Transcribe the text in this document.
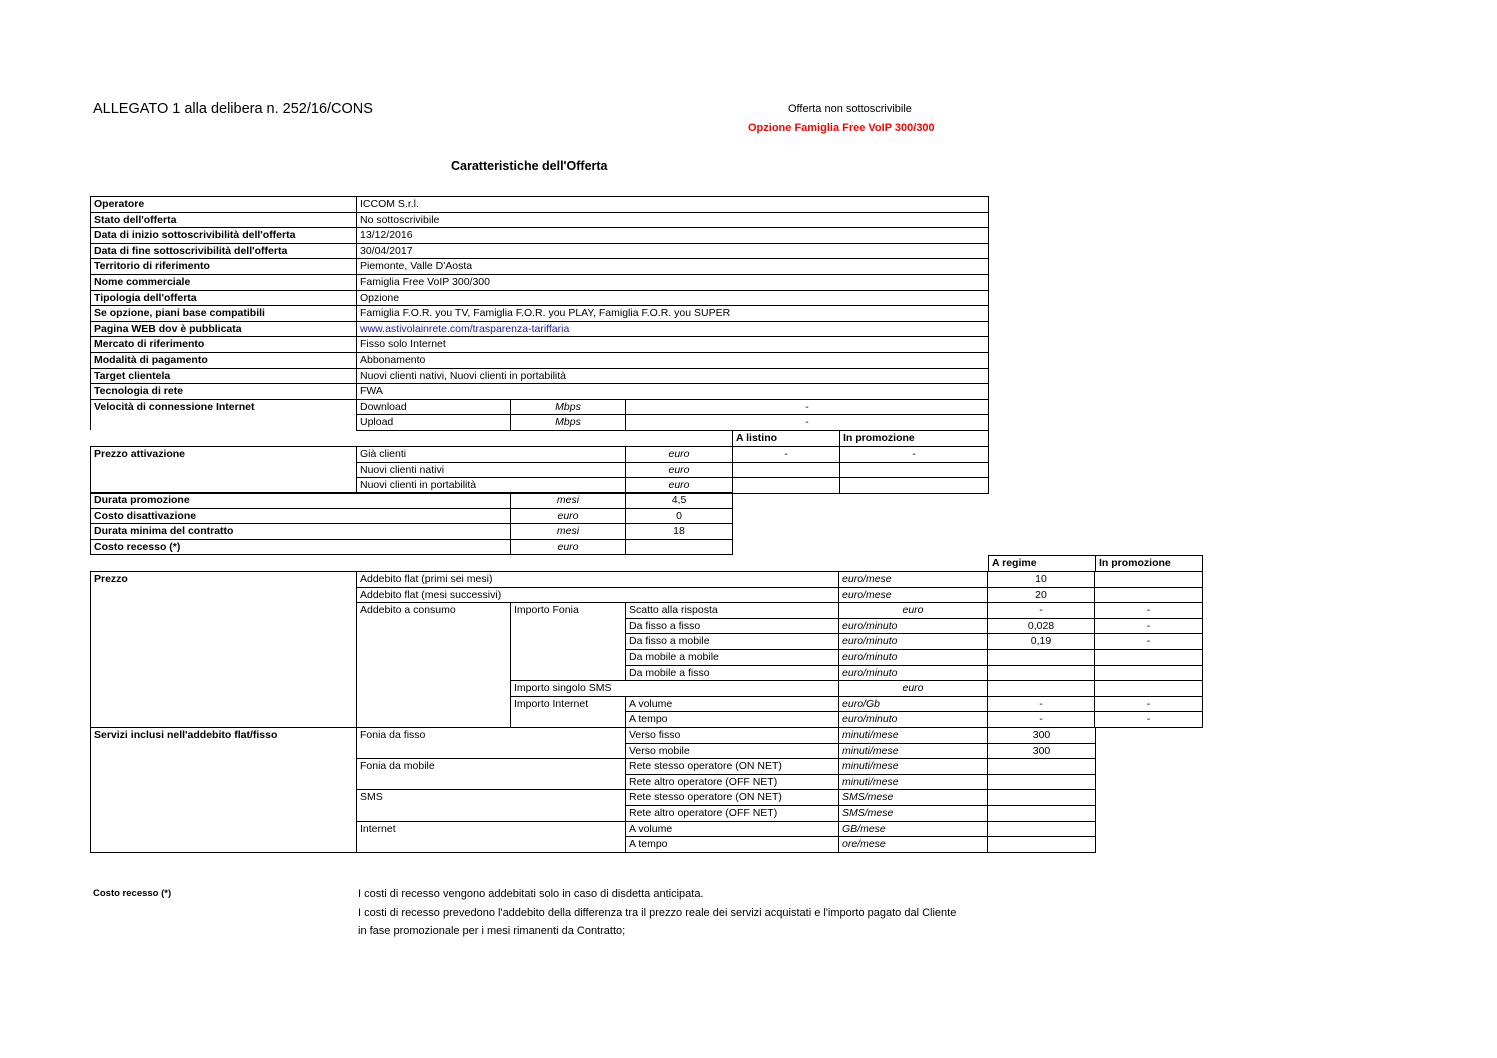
ALLEGATO 1 alla delibera n. 252/16/CONS	Offerta non sottoscrivibile
Opzione Famiglia Free VoIP 300/300
Caratteristiche dell'Offerta
Operatore	ICCOM S.r.l.		
Stato dell'offerta	No sottoscrivibile		
Data di inizio sottoscrivibilità dell'offerta	13/12/2016		
Data di fine sottoscrivibilità dell'offerta	30/04/2017		
Territorio di riferimento	Piemonte, Valle D'Aosta		
Nome commerciale	Famiglia Free VoIP 300/300		
Tipologia dell'offerta	Opzione		
Se opzione, piani base compatibili	Famiglia F.O.R. you TV, Famiglia F.O.R. you PLAY, Famiglia F.O.R. you SUPER		
Pagina WEB dov è pubblicata	www.astivolainrete.com/trasparenza-tariffaria		
Mercato di riferimento	Fisso solo Internet		
Modalità di pagamento	Abbonamento		
Target clientela	Nuovi clienti nativi, Nuovi clienti in portabilità		
Tecnologia di rete	FWA		
Velocità di connessione Internet	Download	Mbps	-
	Upload	Mbps	-
A listino	In promozione
Prezzo attivazione	Già clienti	euro	-	-
	Nuovi clienti nativi	euro		
	Nuovi clienti in portabilità	euro		
Durata promozione	mesi	4,5
Costo disattivazione	euro	0
Durata minima del contratto	mesi	18
Costo recesso (*)	euro	
A regime	In promozione
Prezzo	Addebito flat (primi sei mesi)			euro/mese	10	
	Addebito flat (mesi successivi)			euro/mese	20	
	Addebito a consumo	Importo Fonia	Scatto alla risposta	euro	-	-
			Da fisso a fisso	euro/minuto	0,028	-
			Da fisso a mobile	euro/minuto	0,19	-
			Da mobile a mobile	euro/minuto		
			Da mobile a fisso	euro/minuto		
		Importo singolo SMS		euro		
		Importo Internet	A volume	euro/Gb	-	-
			A tempo	euro/minuto	-	-
Servizi inclusi nell'addebito flat/fisso	Fonia da fisso	Verso fisso	minuti/mese	300
		Verso mobile	minuti/mese	300
	Fonia da mobile	Rete stesso operatore (ON NET)	minuti/mese	
		Rete altro operatore (OFF NET)	minuti/mese	
	SMS	Rete stesso operatore (ON NET)	SMS/mese	
		Rete altro operatore (OFF NET)	SMS/mese	
	Internet	A volume	GB/mese	
		A tempo	ore/mese	
Costo recesso (*)	I costi di recesso vengono addebitati solo in caso di disdetta anticipata.
I costi di recesso prevedono l'addebito della differenza tra il prezzo reale dei servizi acquistati e l'importo pagato dal Cliente
in fase promozionale per i mesi rimanenti da Contratto;
